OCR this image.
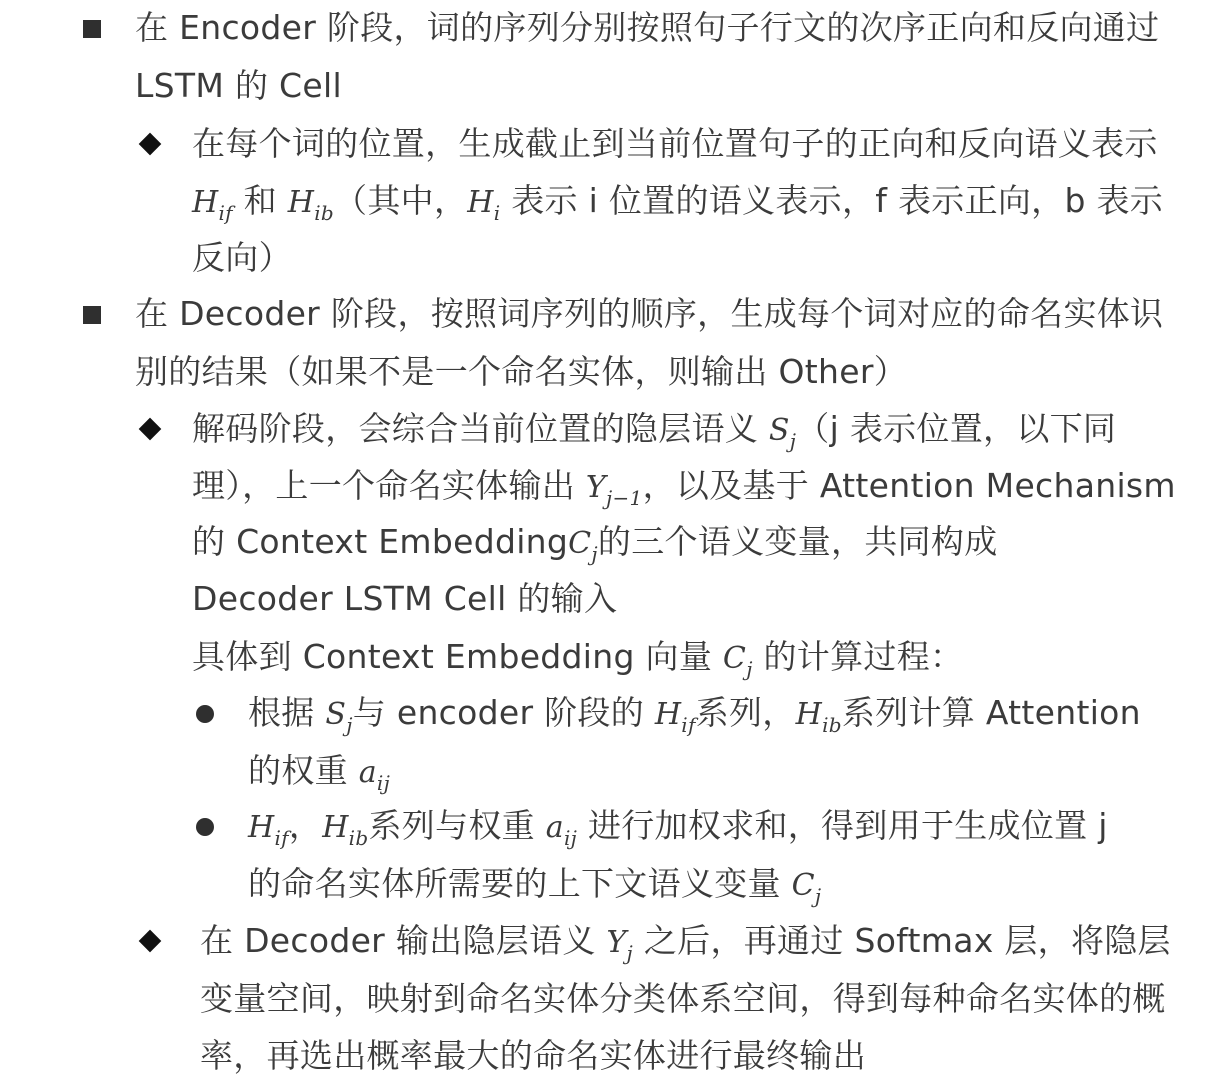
在 Encoder 阶段，词的序列分别按照句子行文的次序正向和反向通过
LSTM 的 Cell
在每个词的位置，生成截止到当前位置句子的正向和反向语义表示
$H_{if}$ 和 $H_{ib}$（其中，$H_i$ 表示 i 位置的语义表示，f 表示正向，b 表示
反向）
在 Decoder 阶段，按照词序列的顺序，生成每个词对应的命名实体识
别的结果（如果不是一个命名实体，则输出 Other）
解码阶段，会综合当前位置的隐层语义 $S_j(j$ 表示位置，以下同
理），上一个命名实体输出 $Y_{j-1}$，以及基于 Attention Mechanism
的 Context EmbeddingC$_j$的三个语义变量，共同构成
Decoder LSTM Cell 的输入
具体到 Context Embedding 向量 $C_j$ 的计算过程：
根据 $S_j$与 encoder 阶段的 $H_{if}$系列，$H_{ib}$系列计算 Attention
的权重 $a_{ij}$
$H_{if}$，$H_{ib}$系列与权重 $a_{ij}$ 进行加权求和，得到用于生成位置 j
的命名实体所需要的上下文语义变量 $C_j$
在 Decoder 输出隐层语义 $Y_j$ 之后，再通过 Softmax 层，将隐层
变量空间，映射到命名实体分类体系空间，得到每种命名实体的概
率，再选出概率最大的命名实体进行最终输出
